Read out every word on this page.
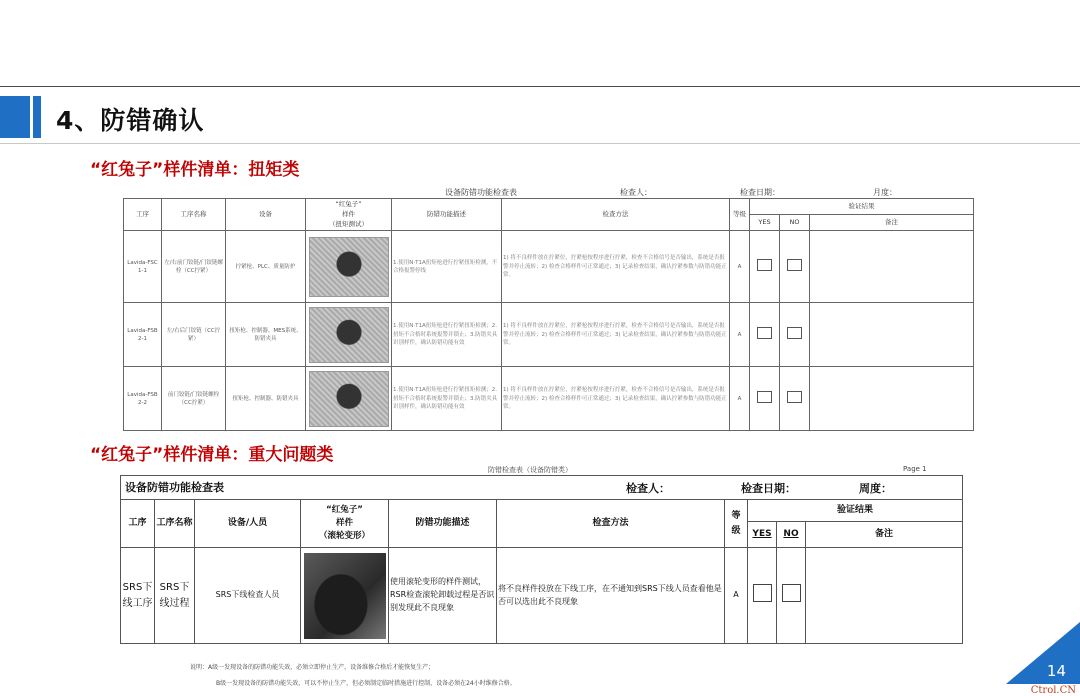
4、防错确认
“红兔子”样件清单：扭矩类
设备防错功能检查表	检查人：	检查日期：	月度：
工序	工序名称	设备	“红兔子”
样件
（扭矩测试）	防错功能描述	检查方法	等级	验证结果		
							YES	NO	备注
Lavida-FSC 1-1	左/右前门铰链/门铰链螺栓（CC拧紧）	拧紧枪、PLC、质量防护		1.使用N·T1A扭矩枪进行拧紧扭矩检测，不合格报警停线	1) 将不良样件放在拧紧位，拧紧枪按程序进行拧紧，检查不合格信号是否输出，系统是否报警并停止流转；2) 检查合格样件可正常通过；3) 记录检查结果，确认拧紧参数与防错功能正常。	A			
Lavida-FSB 2-1	左/右后门铰链（CC拧紧）	扭矩枪、控制器、MES系统、防错夹具		1.使用N·T1A扭矩枪进行拧紧扭矩检测；2.扭矩不合格时系统报警并锁止；3.防错夹具识别样件，确认防错功能有效	1) 将不良样件放在拧紧位，拧紧枪按程序进行拧紧，检查不合格信号是否输出，系统是否报警并停止流转；2) 检查合格样件可正常通过；3) 记录检查结果，确认拧紧参数与防错功能正常。	A			
Lavida-FSB 2-2	前门铰链/门铰链螺栓（CC拧紧）	扭矩枪、控制器、防错夹具		1.使用N·T1A扭矩枪进行拧紧扭矩检测；2.扭矩不合格时系统报警并锁止；3.防错夹具识别样件，确认防错功能有效	1) 将不良样件放在拧紧位，拧紧枪按程序进行拧紧，检查不合格信号是否输出，系统是否报警并停止流转；2) 检查合格样件可正常通过；3) 记录检查结果，确认拧紧参数与防错功能正常。	A			
“红兔子”样件清单：重大问题类
防错检查表（设备防错类）	Page 1
设备防错功能检查表 检查人： 检查日期： 周度：									

工序	工序名称	设备/人员	“红兔子”
样件
（滚轮变形）	防错功能描述	检查方法	等
级	验证结果		
							YES	NO	备注
SRS下线工序	SRS下线过程	SRS下线检查人员		使用滚轮变形的样件测试，RSR检查滚轮卸载过程是否识别发现此不良现象	将不良样件投放在下线工序，在不通知到SRS下线人员查看他是否可以选出此不良现象	A			
说明：A级一发现设备的防错功能失效，必须立即停止生产，设备维修合格后才能恢复生产；
B级一发现设备的防错功能失效，可以不停止生产，但必须制定临时措施进行控制，设备必须在24小时维修合格。
14
Ctrol.CN
